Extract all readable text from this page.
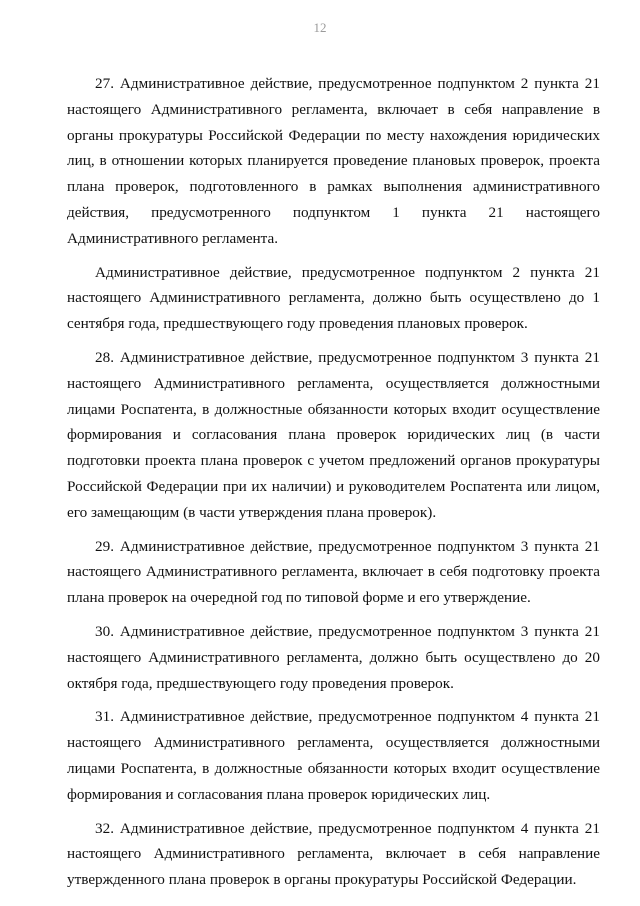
12

27. Административное действие, предусмотренное подпунктом 2 пункта 21 настоящего Административного регламента, включает в себя направление в органы прокуратуры Российской Федерации по месту нахождения юридических лиц, в отношении которых планируется проведение плановых проверок, проекта плана проверок, подготовленного в рамках выполнения административного действия, предусмотренного подпунктом 1 пункта 21 настоящего Административного регламента.

Административное действие, предусмотренное подпунктом 2 пункта 21 настоящего Административного регламента, должно быть осуществлено до 1 сентября года, предшествующего году проведения плановых проверок.

28. Административное действие, предусмотренное подпунктом 3 пункта 21 настоящего Административного регламента, осуществляется должностными лицами Роспатента, в должностные обязанности которых входит осуществление формирования и согласования плана проверок юридических лиц (в части подготовки проекта плана проверок с учетом предложений органов прокуратуры Российской Федерации при их наличии) и руководителем Роспатента или лицом, его замещающим (в части утверждения плана проверок).

29. Административное действие, предусмотренное подпунктом 3 пункта 21 настоящего Административного регламента, включает в себя подготовку проекта плана проверок на очередной год по типовой форме и его утверждение.

30. Административное действие, предусмотренное подпунктом 3 пункта 21 настоящего Административного регламента, должно быть осуществлено до 20 октября года, предшествующего году проведения проверок.

31. Административное действие, предусмотренное подпунктом 4 пункта 21 настоящего Административного регламента, осуществляется должностными лицами Роспатента, в должностные обязанности которых входит осуществление формирования и согласования плана проверок юридических лиц.

32. Административное действие, предусмотренное подпунктом 4 пункта 21 настоящего Административного регламента, включает в себя направление утвержденного плана проверок в органы прокуратуры Российской Федерации.
